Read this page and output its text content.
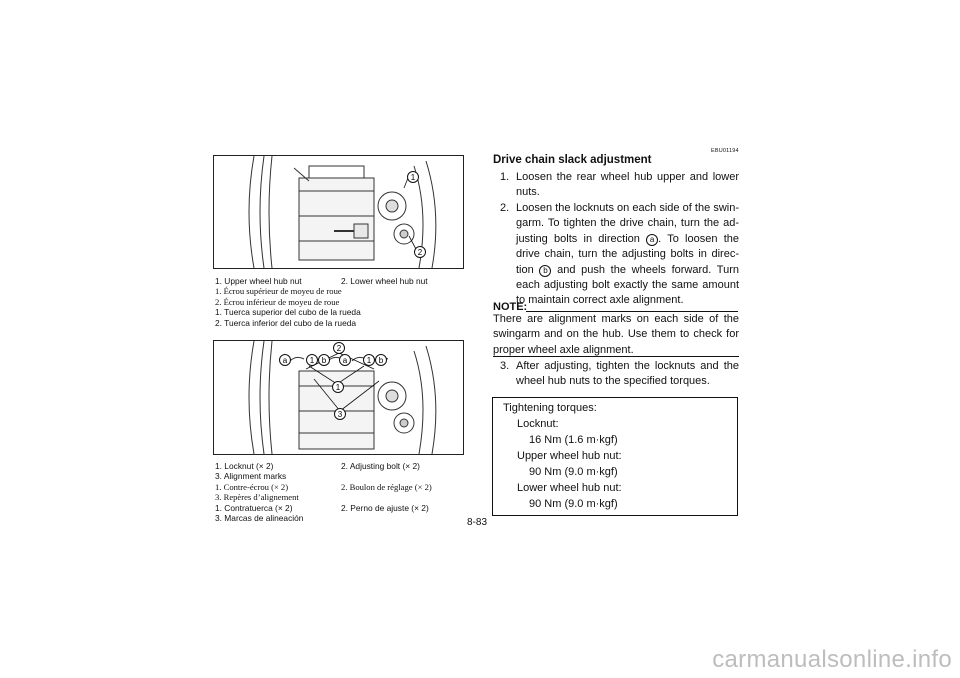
1
2
1. Upper wheel hub nut	2. Lower wheel hub nut
1. Écrou supérieur de moyeu de roue
2. Écrou inférieur de moyeu de roue
1. Tuerca superior del cubo de la rueda
2. Tuerca inferior del cubo de la rueda
a	1 b a 1 b
2
1
3
1. Locknut (× 2)	2. Adjusting bolt (× 2)
3. Alignment marks
1. Contre-écrou (× 2)	2. Boulon de réglage (× 2)
3. Repères d’alignement
1. Contratuerca (× 2)	2. Perno de ajuste (× 2)
3. Marcas de alineación
EBU01194
Drive chain slack adjustment
1. Loosen the rear wheel hub upper and lower nuts.
2. Loosen the locknuts on each side of the swin-garm. To tighten the drive chain, turn the ad-justing bolts in direction a . To loosen the drive chain, turn the adjusting bolts in direc-tion b and push the wheels forward. Turn each adjusting bolt exactly the same amount to maintain correct axle alignment.
NOTE:
There are alignment marks on each side of the swingarm and on the hub. Use them to check for proper wheel axle alignment.
3. After adjusting, tighten the locknuts and the wheel hub nuts to the specified torques.
Tightening torques:
Locknut:
16 Nm (1.6 m·kgf)
Upper wheel hub nut:
90 Nm (9.0 m·kgf)
Lower wheel hub nut:
90 Nm (9.0 m·kgf)
8-83
carmanualsonline.info
